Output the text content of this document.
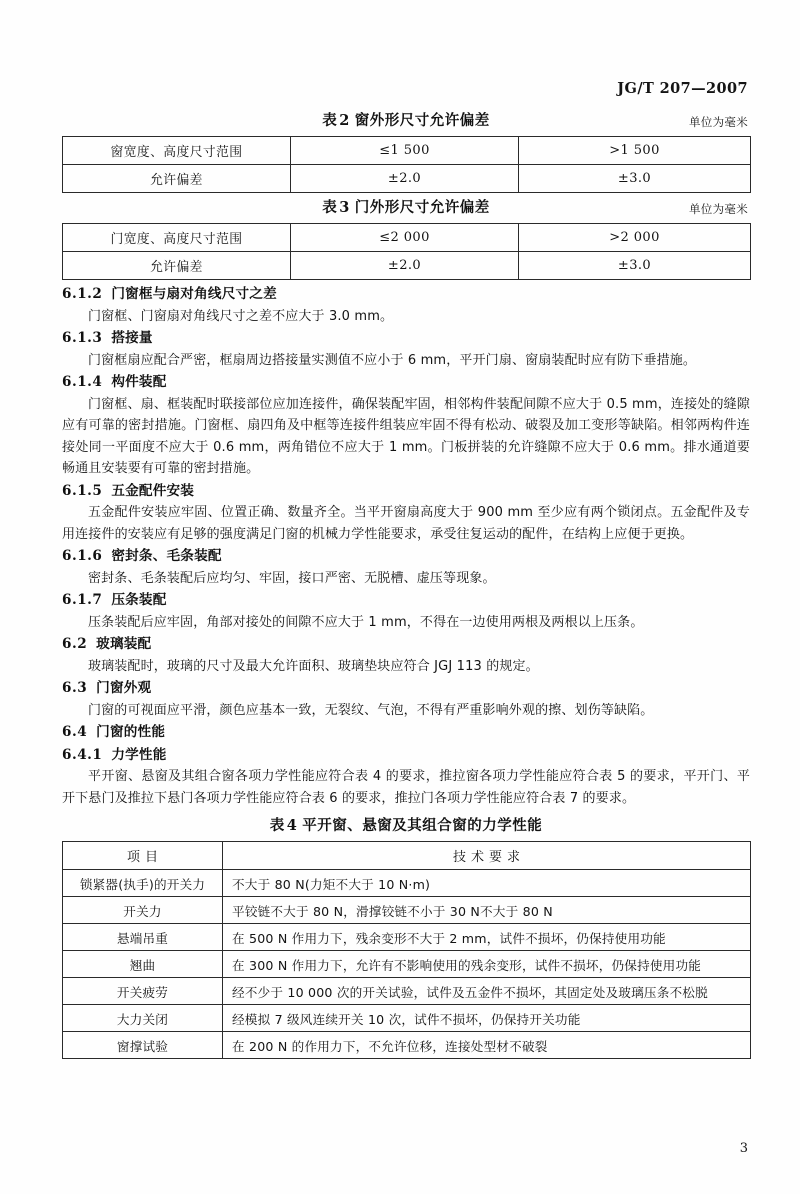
JG/T 207—2007
表 2 窗外形尺寸允许偏差	单位为毫米
窗宽度、高度尺寸范围	≤1 500	>1 500
允许偏差	±2.0	±3.0
表 3 门外形尺寸允许偏差	单位为毫米
门宽度、高度尺寸范围	≤2 000	>2 000
允许偏差	±2.0	±3.0
6.1.2 门窗框与扇对角线尺寸之差

门窗框、门窗扇对角线尺寸之差不应大于 3.0 mm。

6.1.3 搭接量

门窗框扇应配合严密，框扇周边搭接量实测值不应小于 6 mm，平开门扇、窗扇装配时应有防下垂措施。

6.1.4 构件装配

门窗框、扇、框装配时联接部位应加连接件，确保装配牢固，相邻构件装配间隙不应大于 0.5 mm，连接处的缝隙应有可靠的密封措施。门窗框、扇四角及中框等连接件组装应牢固不得有松动、破裂及加工变形等缺陷。相邻两构件连接处同一平面度不应大于 0.6 mm，两角错位不应大于 1 mm。门板拼装的允许缝隙不应大于 0.6 mm。排水通道要畅通且安装要有可靠的密封措施。

6.1.5 五金配件安装

五金配件安装应牢固、位置正确、数量齐全。当平开窗扇高度大于 900 mm 至少应有两个锁闭点。五金配件及专用连接件的安装应有足够的强度满足门窗的机械力学性能要求，承受往复运动的配件，在结构上应便于更换。

6.1.6 密封条、毛条装配

密封条、毛条装配后应均匀、牢固，接口严密、无脱槽、虚压等现象。

6.1.7 压条装配

压条装配后应牢固，角部对接处的间隙不应大于 1 mm，不得在一边使用两根及两根以上压条。

6.2 玻璃装配

玻璃装配时，玻璃的尺寸及最大允许面积、玻璃垫块应符合 JGJ 113 的规定。

6.3 门窗外观

门窗的可视面应平滑，颜色应基本一致，无裂纹、气泡，不得有严重影响外观的擦、划伤等缺陷。

6.4 门窗的性能
6.4.1 力学性能

平开窗、悬窗及其组合窗各项力学性能应符合表 4 的要求，推拉窗各项力学性能应符合表 5 的要求，平开门、平开下悬门及推拉下悬门各项力学性能应符合表 6 的要求，推拉门各项力学性能应符合表 7 的要求。

表 4 平开窗、悬窗及其组合窗的力学性能
项目	技术要求
锁紧器(执手)的开关力	不大于 80 N(力矩不大于 10 N·m)
开关力	平铰链不大于 80 N，滑撑铰链不小于 30 N不大于 80 N
悬端吊重	在 500 N 作用力下，残余变形不大于 2 mm，试件不损坏，仍保持使用功能
翘曲	在 300 N 作用力下，允许有不影响使用的残余变形，试件不损坏，仍保持使用功能
开关疲劳	经不少于 10 000 次的开关试验，试件及五金件不损坏，其固定处及玻璃压条不松脱
大力关闭	经模拟 7 级风连续开关 10 次，试件不损坏，仍保持开关功能
窗撑试验	在 200 N 的作用力下，不允许位移，连接处型材不破裂
3
